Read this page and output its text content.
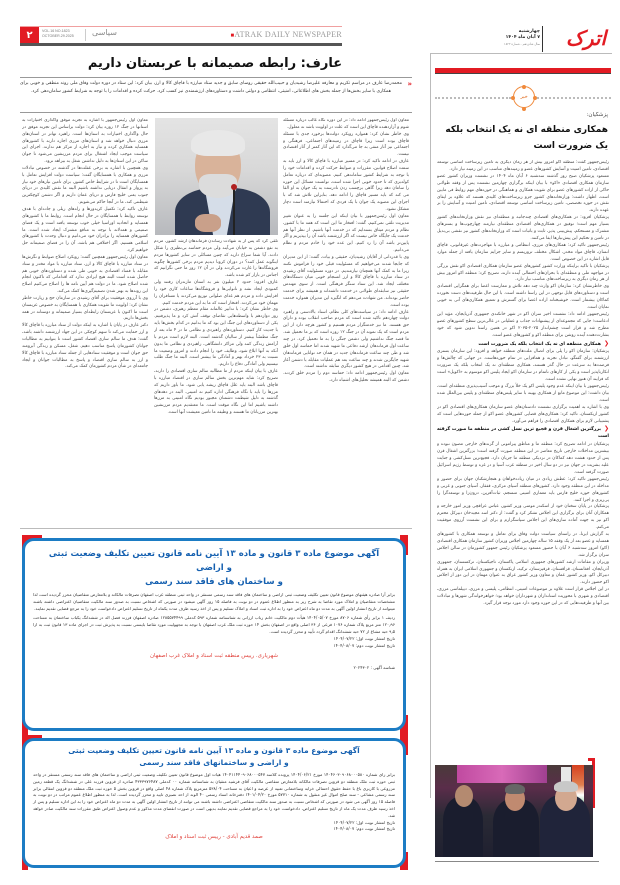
۲	VOL.16 NO.1823
OCTOBER.29.2025 سیاسی	■ATRAK DAILY NEWSPAPER	اترک
چهارشنبه
۷ آبان ماه ۱۴۰۴
سال شانزدهم - شماره ۱۸۲۳
خبر
پزشکیان:
همکاری منطقه ای نه یک انتخاب بلکه یک ضرورت است

رئیس‌جمهور گفت: منطقه اکو امروز بیش از هر زمان دیگری به تامین زیرساخت اساسی توسعه اقتصادی، تامین امنیت و آسایش کشورهای عضو و زمینه‌های مناسب در این زمینه نیاز دارد.

مسعود پزشکیان صبح روز گذشته سه‌شنبه ۶ آبان ماه ۱۴۰۴ در نشست وزیران کشور عضو سازمان همکاری اقتصادی «اکو» با بیان اینکه برگزاری چهارمین نشست پس از وقفه طولانی حاکی از اراده کشورهای عضو برای تقویت همکاری و هماهنگی در حوزه‌های مهم روابط فی مابین است، اظهار داشت: وزارتخانه‌های کشور جزو زیرساخت‌های کلیدی هستند که علاوه بر ایفای نقش در حوزه تخصصی، تامین زیرساخت اساسی توسعه اقتصادی، تامین امنیت و آسایش را بر عهده دارند.

پزشکیان افزود: در همکاری‌های اقتصادی چندجانبه و منطقه‌ای نیز نقش وزارتخانه‌های کشور بسیار مهم است؛ توفیق در همکاری‌های اقتصادی منطقه‌ای نیازمند چهارچوب‌ها و بسترهای مشترک و مستحکم، پیش‌بینی پذیر، ثابت و باثبات است که وزارتخانه‌های کشور نیز نقشی بی‌بدیل در تامین و تحکیم این پیش‌نیازها ایفا می‌کنند.

رئیس‌جمهور تاکید کرد: همکاری‌های مرزی، انتظامی و مبارزه با مهاجرت‌های غیرقانونی، قاچاق انسان، قاچاق مواد مخدر، اشکال مختلف تروریسم و سایر جرایم سازمان یافته از جمله موارد قابل اشاره در این خصوص است.

پزشکیان با تاکید براینکه وزارت کشور کشورهای عضو سازمان همکاری اقتصادی اکو نقش بزرگی در مواجهه ملی و منطقه‌ای با بحران‌های احتمالی آینده دارند، تصریح کرد: منطقه اکو امروز بیش از هر زمان دیگری به زیرساخت‌های مناسب نیاز دارد.

وی خاطرنشان کرد: سازمان اکو وارث چند دهه تلاش و ممارست اعضا برای همگرایی اقتصادی است و دستاوردهای قابل توجهی در این راستا داشته است. با این حال ظرفیت‌های دست نخورده کماکان بیشمار است. خوشبختانه اراده اعضا برای گسترش و تعمیق همکاری‌های آتی به خوبی نمایان است.

رئیس‌جمهور ادامه داد: نشست اخیر سران اکو در شهر خانکندی جمهوری آذربایجان، مؤید این ادعاست؛ جایی که مجموعه‌ای از پیشنهادات جذاب و عملیاتی در عالی‌ترین سطح کشورهای عضو مطرح شد و قرار است چشم‌انداز ۲۰۲۵-۲۰۳۵ اکو در همین راستا تدوین شود که خود بشارت‌دهنده آینده روشن برای منطقه اکو و کشورهای عضو است.

❮همکاری منطقه ای نه یک انتخاب بلکه یک ضرورت است

پزشکیان: سازمان اکو را پلی برای اتصال ملت‌های منطقه خواهد و افزود: این سازمان بستری ارزشمند برای گفتگو، تبادل تجربه و همافزایی در تمام حوزه‌هاست. در جهانی که چالش‌ها و فرصت‌ها به سرعت در حال گذر هستند، همکاری منطقه‌ای نه یک انتخاب بلکه یک ضرورت انکارناپذیر است و یکی از کارهای ناتمام در سازمان اکو ایجاد پلیس اکو موسوم به «اکوپل» است که فرایند آن هنوز نهایی نشده است.

رئیس‌جمهور با بیان اینکه عدم وجود پلیس اکو یک خلأ بزرگ و موجب آسیب‌پذیری منطقه‌ای است، بیان داشت: این موضوع مانع از همکاری بهینه با سایر پلیس‌های منطقه‌ای و پلیس بین‌الملل شده است.

وی با اشاره به اهمیت برگزاری نشست دادستان‌های عضو سازمان همکاری‌های اقتصادی اکو در کشور ازبکستان، تاکید کرد: همکاری‌های قضایی کشورهای عضو اکو از جمله حوزه‌هایی است که پشتیبانی لازم برای همکاری اقتصادی را فراهم می‌آورد.

❮بزرگترین اشغال قرن و فجیع ترین نسل کشی در منطقه ما صورت گرفته است

پزشکیان در ادامه تصریح کرد: منطقه ما و مناطق پیرامونی از گزندهای خارجی مصون نبوده و بیشترین مداخلات خارجی تاریخ معاصر در این منطقه صورت گرفته است؛ بزرگترین اشغال قرن پس از حدود هشت دهه کماکان در نزدیکی منطقه ما جریان دارد. فجیع‌ترین نسل‌کشی و جنایت علیه بشریت در جهان نیز در دو سال اخیر در منطقه غرب آسیا و در غزه و توسط رژیم اسرائیل صورت گرفته است.

رئیس‌جمهور تاکید کرد: عطش زیادی در میان زیاده‌خواهان و هنجارشکنان جهان برای حضور و مداخله در این منطقه وجود دارد. کشورهای منطقه آسیای مرکزی، قفقاز، آسیای جنوبی و غربی و کشورهای حوزه خلیج فارس باید معماری امنیتی منسجم، ثبات‌آفرین، درون‌زا و توسعه‌گرا را پی‌ریزی و اجرا کنند.

پزشکیان در پایان سخنان خود از اسکندر مومنی وزیر کشور، عباس عراقچی وزیر امور خارجه و همکاران آنان برای برگزاری این اجلاس تشکر کرد و گفت: از دکتر اسد مجید‌خان دبیرکل محترم اکو نیز به جهت آماده سازی‌های این اجلاس سپاسگزارم و برای این نشست آرزوی موفقیت می‌کنم.

به گزارش ایرنا، در راستای سیاست دولت وفاق برای تعامل و توسعه همکاری با کشورهای همسایه و عضو بعد از یک وقفه ۱۵ ساله چهارمین اجلاس وزیران کشور سازمان همکاری اقتصادی (اکو) امروز سه‌شنبه ۶ آبان با حضور مسعود پزشکیان رئیس جمهور کشورمان در سالن اجلاس سران برگزار شد.

وزیران و مقامات ارشد کشورهای جمهوری اسلامی پاکستان، تاجیکستان، ترکمنستان، جمهوری آذربایجان، افغانستان، قزاقستان، قرقیزستان، ترکیه، ازبکستان و جمهوری اسلامی ایران به همراه دبیرکل اکو، وزیر کشور عمان و معاون وزیر کشور عراق به عنوان مهمان در این دور از اجلاس اکو حضور دارند.

در این اجلاس قرار است علاوه بر موضوعات امنیتی، انتظامی، پلیسی و مرزی، دیپلماسی مرزی، اقتصادی و شهری با محوریت استانداران و شهرداران خواهد بود؛ خواهرخواندگی شهرها و مبادلات بین آنها و ظرفیت‌هایی که در این حوزه وجود دارد مورد توجه قرار گیرد.

عارف: رابطه صمیمانه با عربستان داریم
«
محمدرضا عارف در مراسم تکریم و معارفه علیرضا رشیدیان و حبیب‌الله حقیقی روسای سابق و جدید ستاد مبارزه با قاچاق کالا و ارز، بیان کرد: این ستاد در دوره دولت وفاق ملی روند منطقی و خوبی برای همکاری با سایر بخش‌ها از جمله بخش های اطلاعاتی، امنیتی، انتظامی و دولتی داشت و دستاوردهای ارزشمندی نیز کسب کرد. حرکت کرده و اقدامات را با توجه به شرایط کشور سامان‌دهی کرد.

معاون اول رئیس‌جمهور ادامه داد: در این دوره نگاه غالب درباره مسئله شوم و آزاردهنده قاچاق این است که علت در اولویت باشد نه معلول.

وی خاطر نشان کرد: همواره رویکرد دولت‌ها برخورد جدی با مسئله قاچاق بوده است زیرا قاچاق در زمینه‌های اجتماعی، فرهنگی و اجتماعی نیز آثار منفی به جا می‌گذارد که این آثار کمتر از آثار اقتصادی نیست.

عارف در ادامه تاکید کرد: در مسیر مبارزه با قاچاق کالا و ارز باید به سمت اصلاح قوانین، مقررات و ضوابط حرکت کرده و اقدامات خود را با توجه به شرایط کشور ساماندهی کنیم. مصوبه‌ای که درباره تعامل کوله‌بری که تا حدود خوبی اجرا شده است، توانست مسائل این حوزه را سامان دهد زیرا گاهی برچسب زدن نادرست به یک جوان به او القا می کند که باید مسیر قاچاق را ادامه دهد. بنابراین تلاش شد که با اجرای این مصوبه یک جوان با یک فردی که احتمالا نیازمند است دچار مشکل نشود.

معاون اول رئیس‌جمهور با بیان اینکه این جلسه را به عنوان تغییر مدیریت تلقی نمی‌کنیم، گفت: افتخار ما این است که همه ما با کشور، نظام و مردم میثاق بسته‌ایم که در خدمت آنها باشیم. از نظر آنها هم خدمت یک جایگاه خاص نیست که اگر ارزشمند باشد آن را بپذیریم و اگر پایین‌تر باشد آن را رد کنیم. این عده خود را خادم مردم و نظام می‌دانیم.

وی با قدردانی از آقایان رشیدیان، حقیقی و بیات، گفت: از این مدیران که جابجا شدند می‌خواهیم که مسئولیت قبلی خود را فراموش نکنند زیرا ما به کمک آنها همچنان نیازمندیم. در دوره مسئولیت آقای رشیدی در ستاد مبارزه با قاچاق کالا و ارز انسجام خوبی میان دستگاه‌های مختلف ایجاد شد. این ستاد سنگر فرهنگی است. از سوی مهندس حقیقی نیز سابقه‌ای طولانی در خدمت داشته‌اند و همیشه برای خدمت حاضر بوده‌اند. من شهادت می‌دهم که انگیزه این مدیران همواره خدمت بوده است.

عارف ادامه داد: در سیاست‌های کلی نظام، اسناد بالادستی و راهبرد دولت چهاردهم تاکید شده است که مردم صاحب انقلاب بوده و دارای حق هستند. ما نیز خدمتگزار مردم هستیم و کشور هرچه دارد از این مردم است که یک نمونه آن در جنگ ۱۲ روزه است که بر ما تحمیل شد. ما قصد جنگ نداشتیم ولی دشمن جنگی را به ما تحمیل کرد. در چند ساعت اول فرماندهان ارشد دفاعی ما شهید شدند اما حماسه اول خلق شد و طی چند ساعت فرماندهان جدید در همان حد توانایی فرماندهان شهید جایگزین شدند و چند ساعت بعد هم عملیات مقابله با دشمن آغاز شد. چنین اقدامی در هیچ کشور دیگری سابقه نداشته است.

معاون اول رئیس‌جمهور ادامه داد: حماسه دوم را مردم خلق کردند. دشمن که البته همیشه تحلیل‌های اشتباه دارد،

تلقی کرد که پس از به شهادت رساندن فرماندهان ارشد کشور، مردم به نفع دشمن به خیابان می‌آیند ولی مردم حماسه بی‌نظیری را شکل دادند. آیا شما سراغ دارید که چنین مسائلی در سایر کشورها مردم اینگونه عمل کنند؟ در دوران کرونا دیدیم مردم برخی کشورها چگونه فروشگاه‌ها را غارت می‌کردند ولی در آن ۱۲ روز ما حتی نگرانیم که اجناس در بازار کم شده باشد.

عارف افزود: حدود ۲ میلیون نفر به استان مازندران رفتند ولی کمبودی ایجاد نشد و نانوایی‌ها و فروشگاه‌ها ساعات کاری خود را افزایش داده و مردم هم غذای صلواتی توزیع می‌کردند یا مسافران را مهمان خود می‌کردند. افتخار است که ما به این مردم خدمت کنیم.

وی خاطر نشان کرد: با تدابیر عالمانه مقام معظم رهبری، دشمن در روز دوازدهم با واسطه‌هایی تقاضای توقف آتش کرد و ما پذیرفتیم. یکی از دستاوردهای این جنگ این بود که ما بدانیم در کدام بخش‌ها باید با جدیت کار کنیم. دستاوردهای راهبردی و نظامی ما در ۴ ماه بعد از جنگ مطمئناً بیشتر از سالیان گذشته است. البته لازم است مردم با آرامش زندگی کنند ولی مراکز دانشگاهی، راهبردی و نظامی ما بدون آنکه به آنها ابلاغ شود، وظایف خود را انجام دادند و امروز وضعیت ما نسبت به ۲۳ خرداد بهتر و آمادگی ما بیشتر است. البته ما جنگ طلب نیستیم ولی آمادگی دفاع را داریم.

عارف با بیان اینکه مردم از ما مطالبه سالم سازی اقتصادی را دارند، تصریح کرد: شاید مهم‌ترین بخش سالم سازی در اقتصاد مبارزه با قاچاق باشد البته باید علل قاچاق ریشه یابی شود. ما باور داریم که مرزها را باید با نگاه فرهنگی اداره کنیم نه امنیتی. البته در دهه‌های گذشته به دلیل شیطنت دشمنان مجبور بودیم نگاه امنیتی به مرزها داشته باشیم اما این نگاه موقت است. ما معتقدیم مردم مرزنشین بهترین مرزبانان ما هستند و وظیفه ما تامین معیشت آنها است.

معاون اول رئیس‌جمهور با اشاره به تجربه موفق واگذاری اختیارات به استانها در جنگ ۱۲ روزه بیان کرد: دولت براساس این تجربه موفق در حال واگذاری اختیارات به استان‌ها است. راهبرد تهاتر در استان‌های مرزی دنبال خواهد شد و استان‌های مرزی اجازه دارند با کشورهای همسایه همکاری کرده و نیاز به اجازه از مرکز هم ندارند. اجرای این سیاست موجب ایجاد اشتغال برای مردم مرزنشین می‌شود تا جوان ساکن در این استان‌ها به دلیل نداشتن شغل به بیراهه نرود.

وی همچنین با اشاره به برخی غفلت‌ها در گذشته در خصوص تبادلات مرزی و همکاری با همسایگان گفت: سیاست دولت افزایش تعامل با همسایگان است تا در شرایط خاص کشور، برای تامین نیازهای خود نیاز به پرواز و انتقال دریایی نداشته باشیم البته ما نقش کلیدی در دریای جنوب یعنی خلیج فارس و دریای عمان داریم و اگر دشمن کوچکترین شیطنتی کند، ما در آنجا حاکم می‌شویم.

عارف تاکید کرد: تکمیل کریدورها و راه‌های ریلی و جاده‌ای با هدف توسعه روابط با همسایگان در حال انجام است. روابط ما با کشورهای همسایه و اتحادیه اوراسیا خیلی خوب توسعه یافته است و یک فضای صمیمی و همدلانه با توجه به منافع مشترک ایجاد شده است. ما کشورهای همسایه را برادران خود می‌دانیم و دنبال وحدت با کشورهای اسلامی هستیم. اگر اختلافی هم باشد، آن را در فضای صمیمانه حل خواهیم کرد.

معاون اول رئیس‌جمهور همچنین گفت: رویکرد اصلاح ضوابط و نگرش‌ها در ستاد مبارزه با قاچاق کالا و ارز، ستاد مبارزه با مواد مخدر و ستاد مقابله با فساد اقتصادی به خوبی طی شده و دستاوردهای خوبی هم حاصل شده است البته هیچ ایرادی ندارد که اقداماتی که تاکنون انجام شده اصلاح شود. ما در دولت هم آیین نامه ها را اصلاح می‌کنیم اصلاح این روندها به بهتر شدن تصمیم‌گیری‌ها کمک می‌کند.

وی با آرزوی موفقیت برای آقای رشیدی در سازمان حج و زیارت خاطر نشان کرد: اولویت ما تقویت همکاری با همسایگان به خصوص عربستان است ما اکنون با عربستان رابطه‌ای بسیار صمیمانه و دوستانه در همه بخش‌ها داریم.

دکتر عارف در پایان با اشاره به اینکه دولت از ستاد مبارزه با قاچاق کالا و ارز حمایت می‌کند تا سهم کوچکی در این جهاد ارزشمند داشته باشد، گفت: هدف ما سالم سازی اقتصاد کشور است تا بتوانیم به مطالبات جوانان کشورمان پاسخ مناسب دهیم. شغل، مسکن و زندگی آبرومند حق جوان است و موفقیت ستادهایی از جمله ستاد مبارزه با قاچاق کالا و ارز به سالم سازی اقتصاد و پاسخ به مطالبات جوانان و ایجاد جامعه‌ای در شأن مردم کشورمان کمک می‌کند.

آگهی موضوع ماده ۳ قانون و ماده ۱۳ آیین نامه قانون تعیین تکلیف وضعیت ثبتی و اراضی
و ساختمان های فاقد سند رسمی
برابر آرا صادره هیئتهای موضوع قانون تعیین تکلیف وضعیت ثبتی اراضی و ساختمان های فاقد سند رسمی مستقر در واحد ثبتی منطقه غرب اصفهان تصرفات مالکانه و بلامعارض متقاضیان محرز گردیده است لذا مشخصات متقاضیان و املاک مورد تقاضا به شرح زیر به منظور اطلاع عموم در دو نوبت به فاصله ۱۵ روز آگهی میشود در صورتی که اشخاص نسبت به صدور سند مالکیت متقاضیان اعتراضی داشته باشند میتوانند از تاریخ انتشار اولین آگهی به مدت دو ماه اعتراض خود را به اداره ثبت اسناد و املاک تسلیم و پس از اخذ رسید ظرف مدت یکماه از تاریخ تسلیم اعتراض دادخواست خود را به مرجع قضایی تقدیم نمایند.
ردیف ۱ برابر رأی شماره ۸۷۰۶ مورخ ۱۴۰۴/۰۵/۰۷ هیأت دوم مالکیت خانم رباب ارزانی به شناسنامه شماره ۵۹۳ کدملی ۱۲۸۵۵۷۴۴۹۹ صادره اصفهان فرزند فضل اله در ششدانگ یکباب ساختمان به مساحت ۱۲۰٫۹۶ متر مربع پلاک شماره ۱۰۷۶ فرعی از ۳۶ اصلی واقع در اصفهان بخش ۱۴ حوزه ثبت ملک غرب اصفهان با توجه به مجهولیت مورد تقاضا بایستی نسبت به پذیرش ثبت در اجرای ماده ۱۳ قانون ثبت به ازا ۹٫۵ حبه مشاع از ۷۲ حبه ششدانگ اقدام گردد تأیید و محرز گردیده است.
تاریخ انتشار نوبت اول: ۱۴۰۴/۰۷/۲۲
تاریخ انتشار نوبت دوم: ۱۴۰۴/۰۸/۰۷
شهریاری. رییس منطقه ثبت اسناد و املاک غرب اصفهان
شناسه آگهی : ۲۰۲۴۳۰۲
آگهی موضوع ماده ۳ قانون و ماده ۱۳ آیین نامه قانون تعیین تکلیف وضعیت ثبتی
و اراضی و ساختمانهای فاقد سند رسمی
برابر رای شماره ۱۴۰۴۶۰۳۰۹۰۶۸۰۰۰۵۸۰ مورخ ۱۴۰۴/۰۶/۲۱ پرونده کلاسه ۱۴۰۴۱۱۴۴۰۹۰۶۸۰۰۰۵۴۷ هیات اول موضوع قانون تعیین تکلیف وضعیت ثبتی اراضی و ساختمان های فاقد سند رسمی مستقر در واحد ثبتی حوزه ثبت ملک منطقه دو قزوین تصرفات مالکانه بلامعارض متقاضی مالکیت آقای فرشید متقیان به شناسنامه شماره ۰۰ کدملی ۴۳۳۳۹۷۶۴۸۷ صادره از قزوین فرزند علی در ششدانگ یک قطعه زمین مزروعی با کاربری باغ با حفظ حقوق احتمالی خرابه وساختمانی تعبیه از عرصه و اعیان به مساحت ۵۳۸/۰۴ مترمربع پلاک شماره ۴۸ اصلی واقع در قزوین بخش ۵ حوزه ثبت ملک منطقه دو قزوین انتقالی برابر سند رسمی مشاعی - سند صلح اموال غیر منقول به شماره ۵۷۷۱۰ مورخ ۱۴۰۱/۰۴/۲۰ دفترخانه اسناد رسمی ۴۰ الوند از احد نصیری تایید و محرز گردیده است. لذا به منظور اطلاع عموم مراتب در دو نوبت به فاصله ۱۵ روز آگهی می شود در صورتی که اشخاص نسبت به صدور سند مالکیت متقاضی اعتراضی داشته باشند می توانند از تاریخ انتشار اولین آگهی به مدت دو ماه اعتراض خود را به این اداره تسلیم و پس از اخذ رسید ظرف مدت یک ماه از تاریخ تسلیم اعتراض، دادخواست خود را به مراجع قضایی تقدیم نمایند بدیهی است در صورت انقضای مدت مذکور و عدم وصول اعتراض طبق مقررات سند مالکیت صادر خواهد شد.
تاریخ انتشار نوبت اول: ۱۴۰۴/۰۷/۲۲
تاریخ انتشار نوبت دوم: ۱۴۰۴/۰۸/۰۷
صمد قدیم آبادی - رییس ثبت اسناد و املاک
